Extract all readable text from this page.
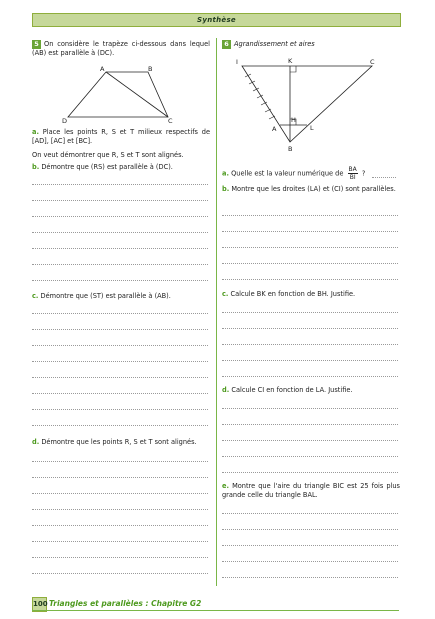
Synthèse
5 On considère le trapèze ci-dessous dans lequel (AB) est parallèle à (DC).
A	B
C
D
a. Place les points R, S et T milieux respectifs de [AD], [AC] et [BC].
On veut démontrer que R, S et T sont alignés.
b. Démontre que (RS) est parallèle à (DC).
c. Démontre que (ST) est parallèle à (AB).
d. Démontre que les points R, S et T sont alignés.
6 Agrandissement et aires
I	K	C
H
A	L
B
a. Quelle est la valeur numérique de $\frac{BA}{BI}$ ?
b. Montre que les droites (LA) et (CI) sont parallèles.
c. Calcule BK en fonction de BH. Justifie.
d. Calcule CI en fonction de LA. Justifie.
e. Montre que l'aire du triangle BIC est 25 fois plus grande celle du triangle BAL.
100 Triangles et parallèles : Chapitre G2
